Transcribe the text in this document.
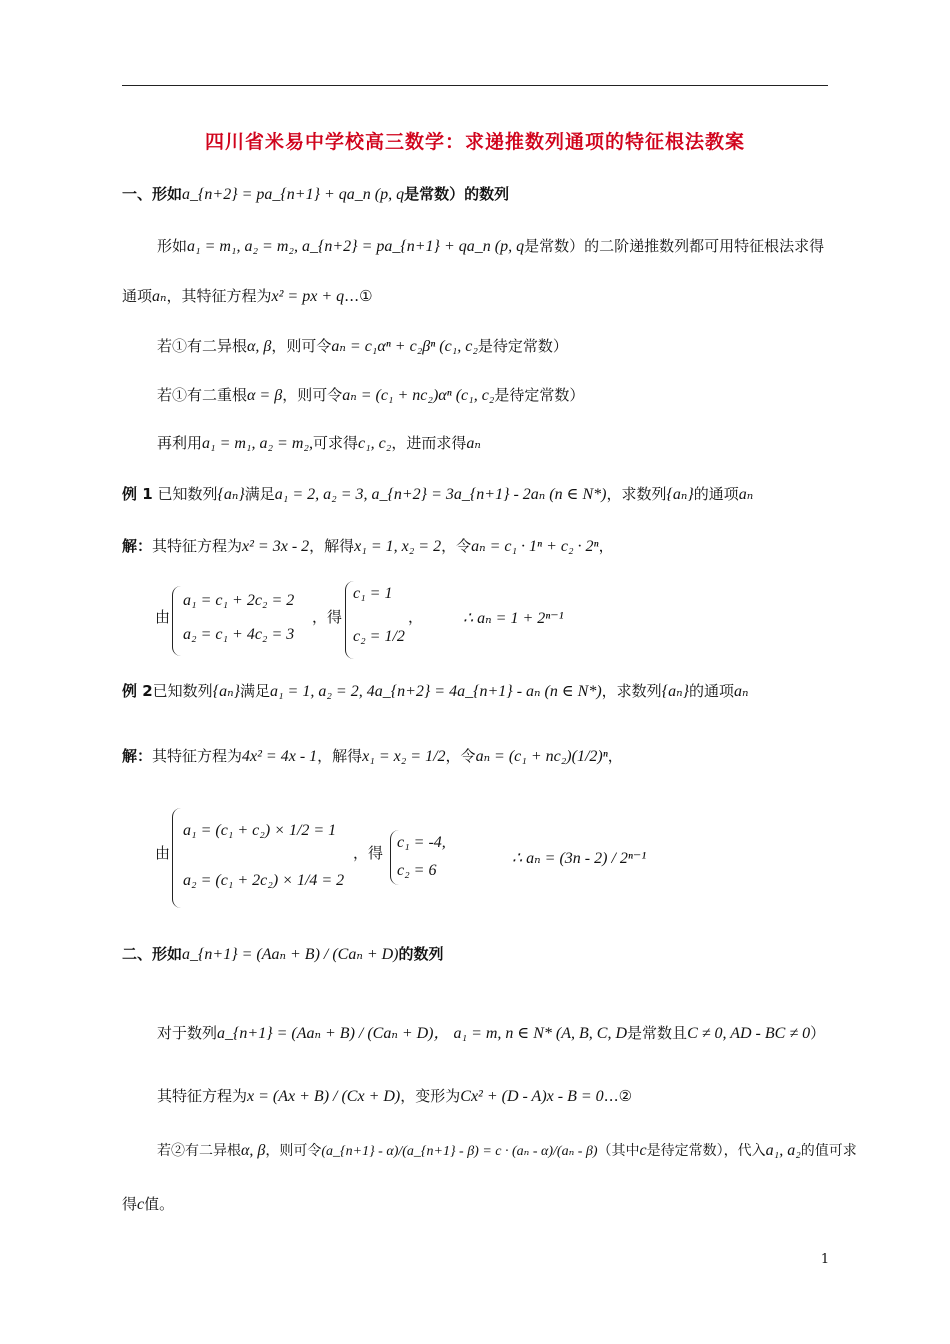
四川省米易中学校高三数学：求递推数列通项的特征根法教案
一、形如a_{n+2} = pa_{n+1} + qa_n (p, q是常数）的数列
形如a₁ = m₁, a₂ = m₂, a_{n+2} = pa_{n+1} + qa_n (p, q是常数）的二阶递推数列都可用特征根法求得
通项aₙ，其特征方程为x² = px + q…①
若①有二异根α, β，则可令aₙ = c₁αⁿ + c₂βⁿ (c₁, c₂是待定常数）
若①有二重根α = β，则可令aₙ = (c₁ + nc₂)αⁿ (c₁, c₂是待定常数）
再利用a₁ = m₁, a₂ = m₂,可求得c₁, c₂，进而求得aₙ
例 1 已知数列{aₙ}满足a₁ = 2, a₂ = 3, a_{n+2} = 3a_{n+1} - 2aₙ (n ∈ N*)，求数列{aₙ}的通项aₙ
解：其特征方程为x² = 3x - 2，解得x₁ = 1, x₂ = 2，令aₙ = c₁ · 1ⁿ + c₂ · 2ⁿ，
由
a₁ = c₁ + 2c₂ = 2
a₂ = c₁ + 4c₂ = 3
，得
c₁ = 1
c₂ = 1/2
， ∴ aₙ = 1 + 2ⁿ⁻¹
例 2已知数列{aₙ}满足a₁ = 1, a₂ = 2, 4a_{n+2} = 4a_{n+1} - aₙ (n ∈ N*)，求数列{aₙ}的通项aₙ
解：其特征方程为4x² = 4x - 1，解得x₁ = x₂ = 1/2，令aₙ = (c₁ + nc₂)(1/2)ⁿ，
由
a₁ = (c₁ + c₂) × 1/2 = 1
a₂ = (c₁ + 2c₂) × 1/4 = 2
，得
c₁ = -4,
c₂ = 6
∴ aₙ = (3n - 2) / 2ⁿ⁻¹
二、形如a_{n+1} = (Aaₙ + B) / (Caₙ + D)的数列
对于数列a_{n+1} = (Aaₙ + B) / (Caₙ + D)， a₁ = m, n ∈ N* (A, B, C, D是常数且C ≠ 0, AD - BC ≠ 0）
其特征方程为x = (Ax + B) / (Cx + D)，变形为Cx² + (D - A)x - B = 0…②
若②有二异根α, β，则可令(a_{n+1} - α)/(a_{n+1} - β) = c · (aₙ - α)/(aₙ - β)（其中c是待定常数），代入a₁, a₂的值可求
得c值。
1
